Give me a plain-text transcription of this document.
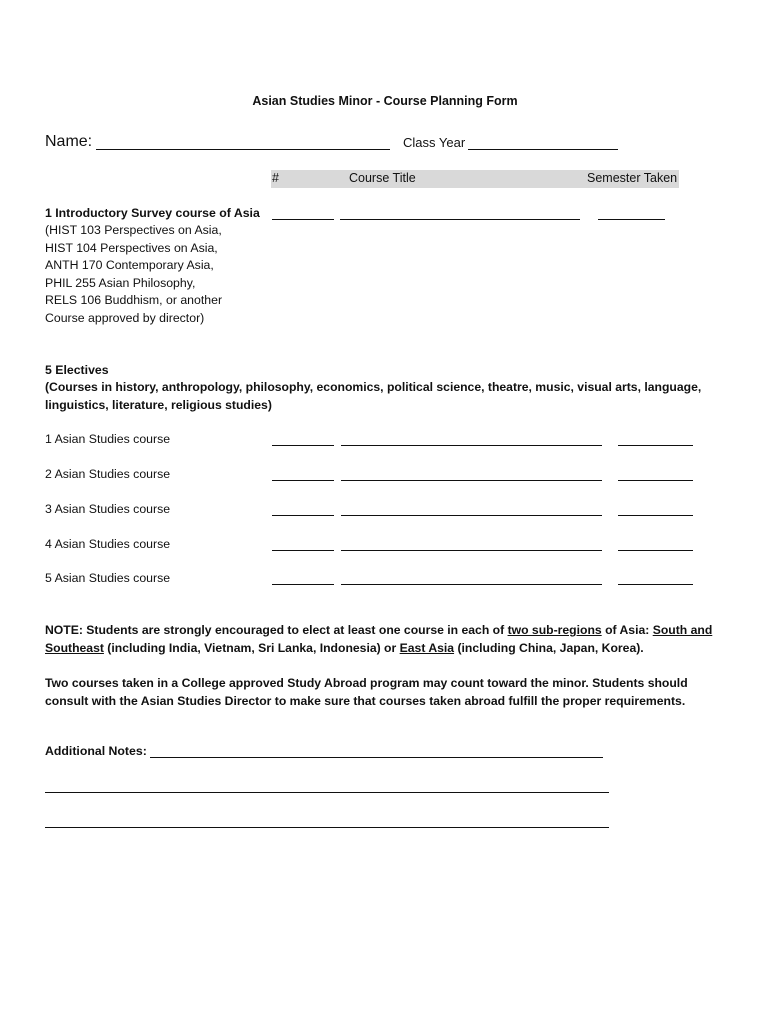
Asian Studies Minor - Course Planning Form
Name:	Class Year
#	Course Title	Semester Taken
1 Introductory Survey course of Asia
(HIST 103 Perspectives on Asia,
HIST 104 Perspectives on Asia,
ANTH 170 Contemporary Asia,
PHIL 255 Asian Philosophy,
RELS 106 Buddhism, or another
Course approved by director)
5 Electives
(Courses in history, anthropology, philosophy, economics, political science, theatre, music, visual arts, language, linguistics, literature, religious studies)
1 Asian Studies course
2 Asian Studies course
3 Asian Studies course
4 Asian Studies course
5 Asian Studies course
NOTE: Students are strongly encouraged to elect at least one course in each of two sub-regions of Asia: South and Southeast (including India, Vietnam, Sri Lanka, Indonesia) or East Asia (including China, Japan, Korea).
Two courses taken in a College approved Study Abroad program may count toward the minor. Students should consult with the Asian Studies Director to make sure that courses taken abroad fulfill the proper requirements.
Additional Notes:
